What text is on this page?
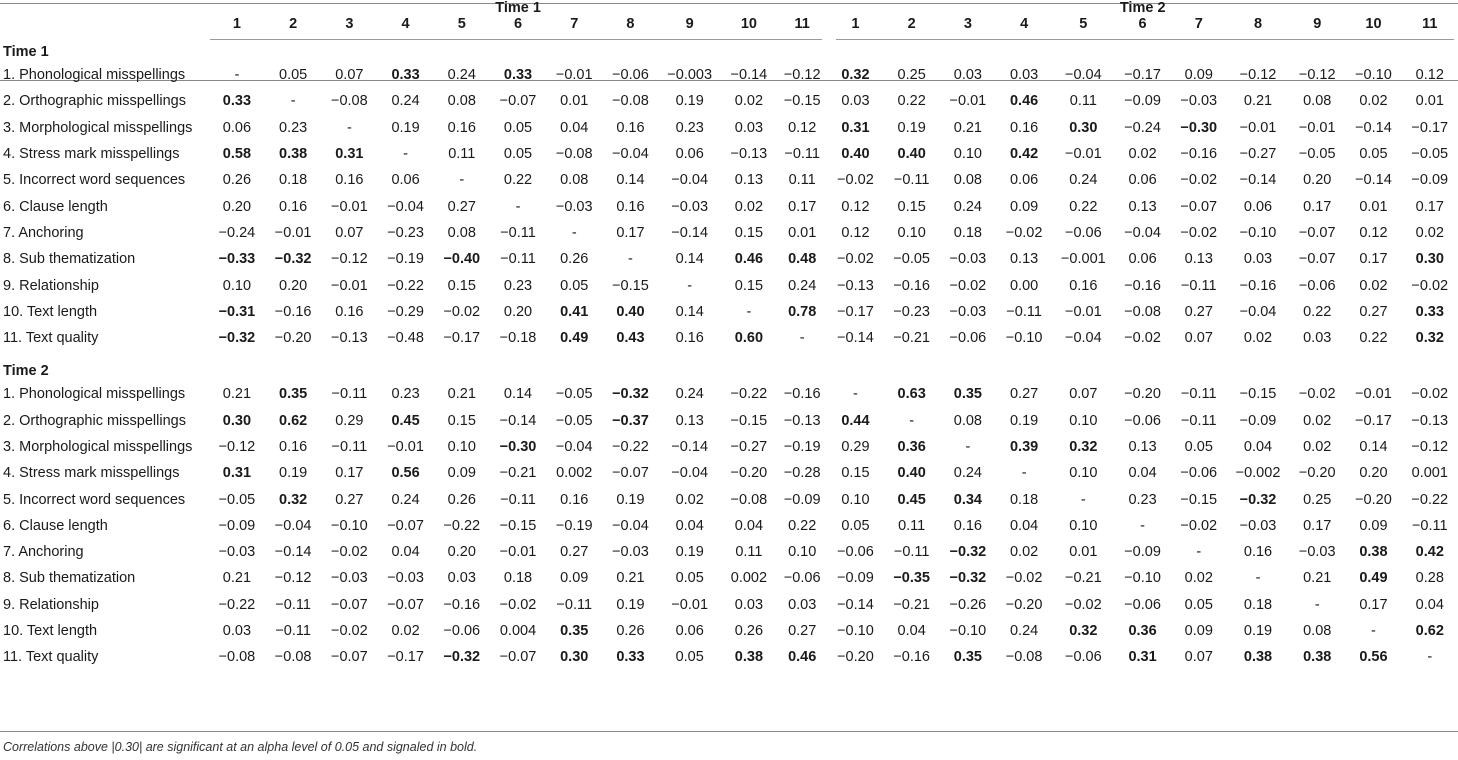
	Time 1											Time 2										
	1	2	3	4	5	6	7	8	9	10	11	1	2	3	4	5	6	7	8	9	10	11
Time 1																						
1. Phonological misspellings	-	0.05	0.07	0.33	0.24	0.33	−0.01	−0.06	−0.003	−0.14	−0.12	0.32	0.25	0.03	0.03	−0.04	−0.17	0.09	−0.12	−0.12	−0.10	0.12
2. Orthographic misspellings	0.33	-	−0.08	0.24	0.08	−0.07	0.01	−0.08	0.19	0.02	−0.15	0.03	0.22	−0.01	0.46	0.11	−0.09	−0.03	0.21	0.08	0.02	0.01
3. Morphological misspellings	0.06	0.23	-	0.19	0.16	0.05	0.04	0.16	0.23	0.03	0.12	0.31	0.19	0.21	0.16	0.30	−0.24	−0.30	−0.01	−0.01	−0.14	−0.17
4. Stress mark misspellings	0.58	0.38	0.31	-	0.11	0.05	−0.08	−0.04	0.06	−0.13	−0.11	0.40	0.40	0.10	0.42	−0.01	0.02	−0.16	−0.27	−0.05	0.05	−0.05
5. Incorrect word sequences	0.26	0.18	0.16	0.06	-	0.22	0.08	0.14	−0.04	0.13	0.11	−0.02	−0.11	0.08	0.06	0.24	0.06	−0.02	−0.14	0.20	−0.14	−0.09
6. Clause length	0.20	0.16	−0.01	−0.04	0.27	-	−0.03	0.16	−0.03	0.02	0.17	0.12	0.15	0.24	0.09	0.22	0.13	−0.07	0.06	0.17	0.01	0.17
7. Anchoring	−0.24	−0.01	0.07	−0.23	0.08	−0.11	-	0.17	−0.14	0.15	0.01	0.12	0.10	0.18	−0.02	−0.06	−0.04	−0.02	−0.10	−0.07	0.12	0.02
8. Sub thematization	−0.33	−0.32	−0.12	−0.19	−0.40	−0.11	0.26	-	0.14	0.46	0.48	−0.02	−0.05	−0.03	0.13	−0.001	0.06	0.13	0.03	−0.07	0.17	0.30
9. Relationship	0.10	0.20	−0.01	−0.22	0.15	0.23	0.05	−0.15	-	0.15	0.24	−0.13	−0.16	−0.02	0.00	0.16	−0.16	−0.11	−0.16	−0.06	0.02	−0.02
10. Text length	−0.31	−0.16	0.16	−0.29	−0.02	0.20	0.41	0.40	0.14	-	0.78	−0.17	−0.23	−0.03	−0.11	−0.01	−0.08	0.27	−0.04	0.22	0.27	0.33
11. Text quality	−0.32	−0.20	−0.13	−0.48	−0.17	−0.18	0.49	0.43	0.16	0.60	-	−0.14	−0.21	−0.06	−0.10	−0.04	−0.02	0.07	0.02	0.03	0.22	0.32
Time 2																						
1. Phonological misspellings	0.21	0.35	−0.11	0.23	0.21	0.14	−0.05	−0.32	0.24	−0.22	−0.16	-	0.63	0.35	0.27	0.07	−0.20	−0.11	−0.15	−0.02	−0.01	−0.02
2. Orthographic misspellings	0.30	0.62	0.29	0.45	0.15	−0.14	−0.05	−0.37	0.13	−0.15	−0.13	0.44	-	0.08	0.19	0.10	−0.06	−0.11	−0.09	0.02	−0.17	−0.13
3. Morphological misspellings	−0.12	0.16	−0.11	−0.01	0.10	−0.30	−0.04	−0.22	−0.14	−0.27	−0.19	0.29	0.36	-	0.39	0.32	0.13	0.05	0.04	0.02	0.14	−0.12
4. Stress mark misspellings	0.31	0.19	0.17	0.56	0.09	−0.21	0.002	−0.07	−0.04	−0.20	−0.28	0.15	0.40	0.24	-	0.10	0.04	−0.06	−0.002	−0.20	0.20	0.001
5. Incorrect word sequences	−0.05	0.32	0.27	0.24	0.26	−0.11	0.16	0.19	0.02	−0.08	−0.09	0.10	0.45	0.34	0.18	-	0.23	−0.15	−0.32	0.25	−0.20	−0.22
6. Clause length	−0.09	−0.04	−0.10	−0.07	−0.22	−0.15	−0.19	−0.04	0.04	0.04	0.22	0.05	0.11	0.16	0.04	0.10	-	−0.02	−0.03	0.17	0.09	−0.11
7. Anchoring	−0.03	−0.14	−0.02	0.04	0.20	−0.01	0.27	−0.03	0.19	0.11	0.10	−0.06	−0.11	−0.32	0.02	0.01	−0.09	-	0.16	−0.03	0.38	0.42
8. Sub thematization	0.21	−0.12	−0.03	−0.03	0.03	0.18	0.09	0.21	0.05	0.002	−0.06	−0.09	−0.35	−0.32	−0.02	−0.21	−0.10	0.02	-	0.21	0.49	0.28
9. Relationship	−0.22	−0.11	−0.07	−0.07	−0.16	−0.02	−0.11	0.19	−0.01	0.03	0.03	−0.14	−0.21	−0.26	−0.20	−0.02	−0.06	0.05	0.18	-	0.17	0.04
10. Text length	0.03	−0.11	−0.02	0.02	−0.06	0.004	0.35	0.26	0.06	0.26	0.27	−0.10	0.04	−0.10	0.24	0.32	0.36	0.09	0.19	0.08	-	0.62
11. Text quality	−0.08	−0.08	−0.07	−0.17	−0.32	−0.07	0.30	0.33	0.05	0.38	0.46	−0.20	−0.16	0.35	−0.08	−0.06	0.31	0.07	0.38	0.38	0.56	-
Correlations above |0.30| are significant at an alpha level of 0.05 and signaled in bold.
